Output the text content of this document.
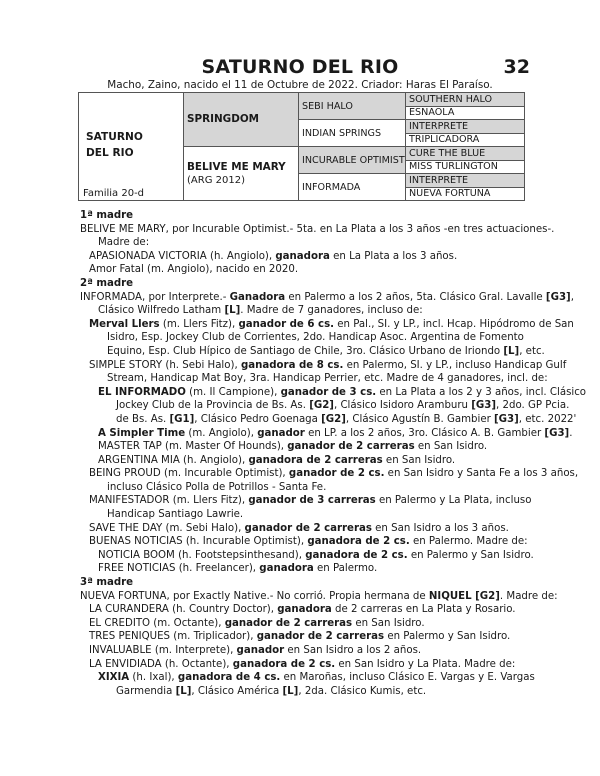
SATURNO DEL RIO	32
Macho, Zaino, nacido el 11 de Octubre de 2022. Criador: Haras El Paraíso.
SATURNO
DEL RIO
Familia 20-d	SPRINGDOM	SEBI HALO	SOUTHERN HALO
			ESNAOLA
		INDIAN SPRINGS	INTERPRETE
			TRIPLICADORA

	BELIVE ME MARY
(ARG 2012)	INCURABLE OPTIMIST	CURE THE BLUE
			MISS TURLINGTON
		INFORMADA	INTERPRETE
			NUEVA FORTUNA
1ª madre
BELIVE ME MARY, por Incurable Optimist.- 5ta. en La Plata a los 3 años -en tres actuaciones-.
Madre de:
APASIONADA VICTORIA (h. Angiolo), ganadora en La Plata a los 3 años.
Amor Fatal (m. Angiolo), nacido en 2020.
2ª madre
INFORMADA, por Interprete.- Ganadora en Palermo a los 2 años, 5ta. Clásico Gral. Lavalle [G3],
Clásico Wilfredo Latham [L]. Madre de 7 ganadores, incluso de:
Merval Llers (m. Llers Fitz), ganador de 6 cs. en Pal., SI. y LP., incl. Hcap. Hipódromo de San
Isidro, Esp. Jockey Club de Corrientes, 2do. Handicap Asoc. Argentina de Fomento
Equino, Esp. Club Hípico de Santiago de Chile, 3ro. Clásico Urbano de Iriondo [L], etc.
SIMPLE STORY (h. Sebi Halo), ganadora de 8 cs. en Palermo, SI. y LP., incluso Handicap Gulf
Stream, Handicap Mat Boy, 3ra. Handicap Perrier, etc. Madre de 4 ganadores, incl. de:
EL INFORMADO (m. Il Campione), ganador de 3 cs. en La Plata a los 2 y 3 años, incl. Clásico
Jockey Club de la Provincia de Bs. As. [G2], Clásico Isidoro Aramburu [G3], 2do. GP Pcia.
de Bs. As. [G1], Clásico Pedro Goenaga [G2], Clásico Agustín B. Gambier [G3], etc. 2022'
A Simpler Time (m. Angiolo), ganador en LP. a los 2 años, 3ro. Clásico A. B. Gambier [G3].
MASTER TAP (m. Master Of Hounds), ganador de 2 carreras en San Isidro.
ARGENTINA MIA (h. Angiolo), ganadora de 2 carreras en San Isidro.
BEING PROUD (m. Incurable Optimist), ganador de 2 cs. en San Isidro y Santa Fe a los 3 años,
incluso Clásico Polla de Potrillos - Santa Fe.
MANIFESTADOR (m. Llers Fitz), ganador de 3 carreras en Palermo y La Plata, incluso
Handicap Santiago Lawrie.
SAVE THE DAY (m. Sebi Halo), ganador de 2 carreras en San Isidro a los 3 años.
BUENAS NOTICIAS (h. Incurable Optimist), ganadora de 2 cs. en Palermo. Madre de:
NOTICIA BOOM (h. Footstepsinthesand), ganadora de 2 cs. en Palermo y San Isidro.
FREE NOTICIAS (h. Freelancer), ganadora en Palermo.
3ª madre
NUEVA FORTUNA, por Exactly Native.- No corrió. Propia hermana de NIQUEL [G2]. Madre de:
LA CURANDERA (h. Country Doctor), ganadora de 2 carreras en La Plata y Rosario.
EL CREDITO (m. Octante), ganador de 2 carreras en San Isidro.
TRES PENIQUES (m. Triplicador), ganador de 2 carreras en Palermo y San Isidro.
INVALUABLE (m. Interprete), ganador en San Isidro a los 2 años.
LA ENVIDIADA (h. Octante), ganadora de 2 cs. en San Isidro y La Plata. Madre de:
XIXIA (h. Ixal), ganadora de 4 cs. en Maroñas, incluso Clásico E. Vargas y E. Vargas
Garmendia [L], Clásico América [L], 2da. Clásico Kumis, etc.
